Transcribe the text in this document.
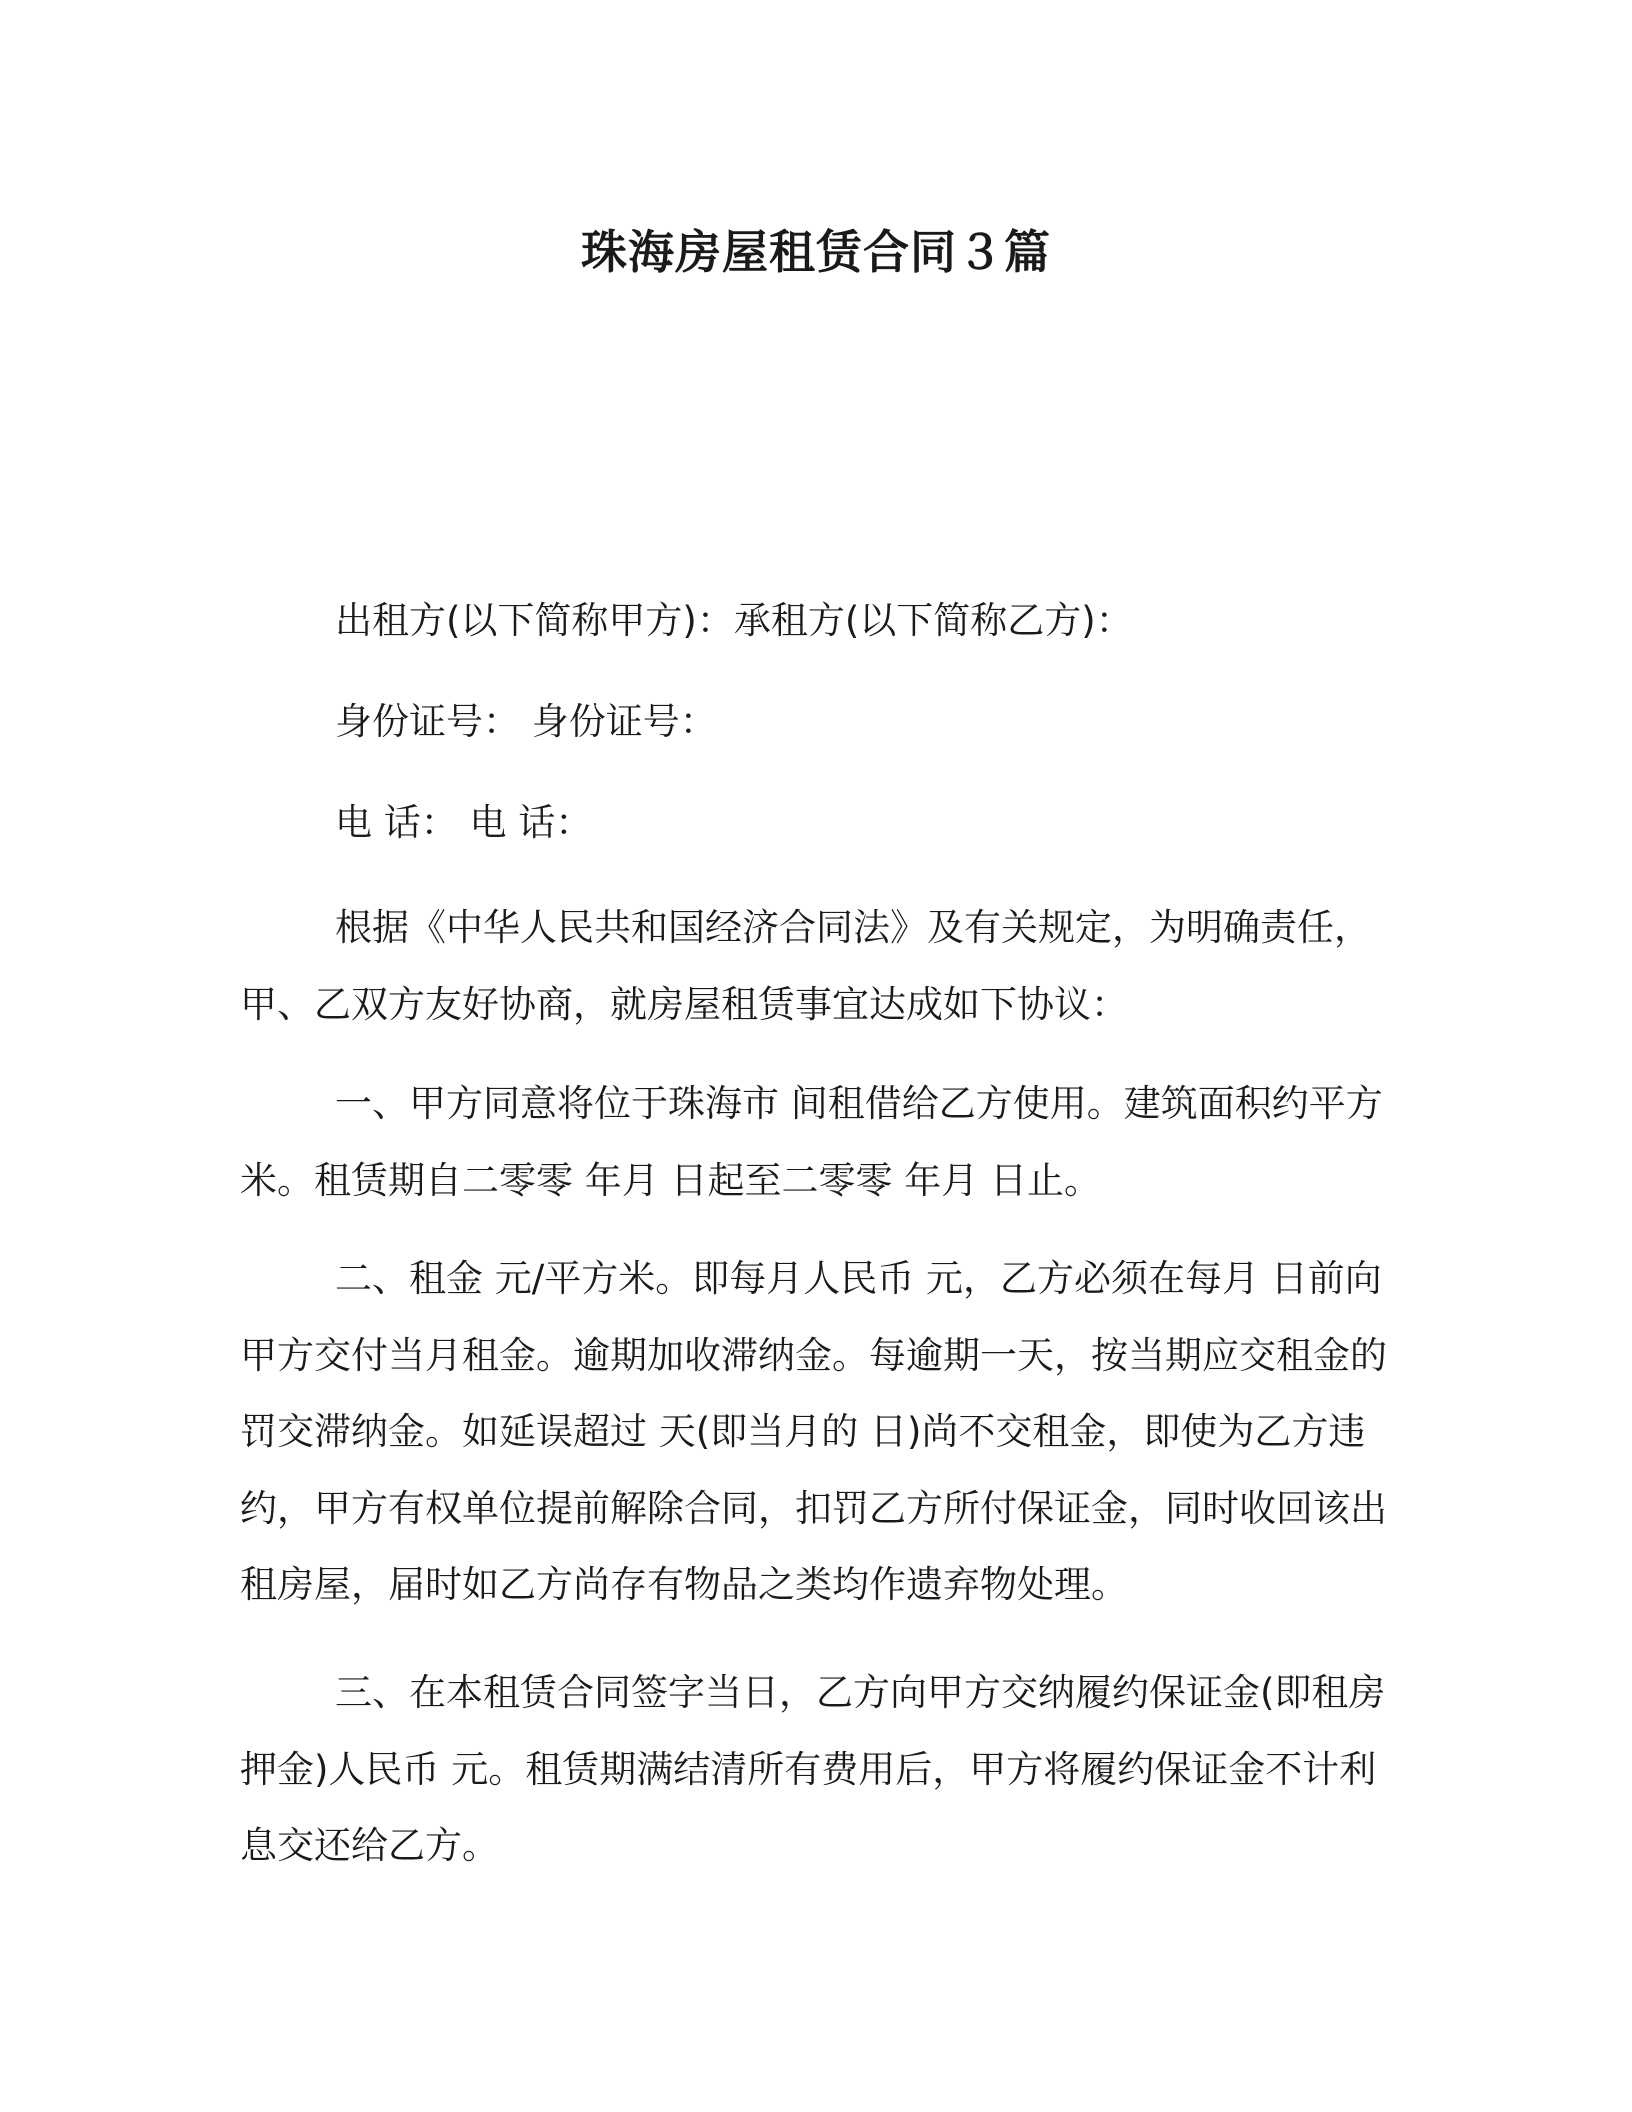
珠海房屋租赁合同３篇
出租方(以下简称甲方)：承租方(以下简称乙方)：
身份证号： 身份证号：
电 话： 电 话：
根据《中华人民共和国经济合同法》及有关规定，为明确责任，甲、乙双方友好协商，就房屋租赁事宜达成如下协议：
一、甲方同意将位于珠海市 间租借给乙方使用。建筑面积约平方米。租赁期自二零零 年月 日起至二零零 年月 日止。
二、租金 元/平方米。即每月人民币 元，乙方必须在每月 日前向甲方交付当月租金。逾期加收滞纳金。每逾期一天，按当期应交租金的罚交滞纳金。如延误超过 天(即当月的 日)尚不交租金，即使为乙方违约，甲方有权单位提前解除合同，扣罚乙方所付保证金，同时收回该出租房屋，届时如乙方尚存有物品之类均作遗弃物处理。
三、在本租赁合同签字当日，乙方向甲方交纳履约保证金(即租房押金)人民币 元。租赁期满结清所有费用后，甲方将履约保证金不计利息交还给乙方。
